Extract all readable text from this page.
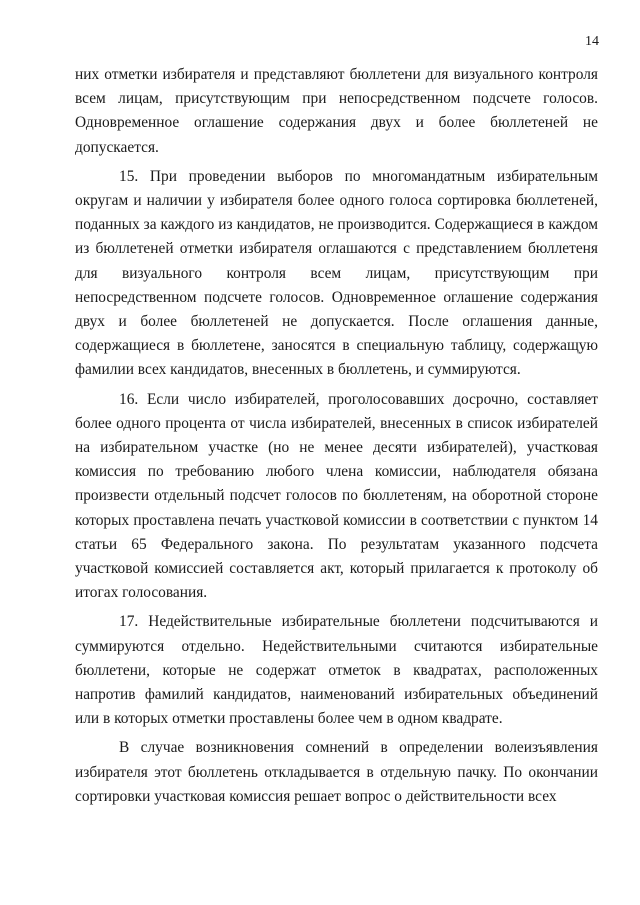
14

них отметки избирателя и представляют бюллетени для визуального контроля всем лицам, присутствующим при непосредственном подсчете голосов. Одновременное оглашение содержания двух и более бюллетеней не допускается.

15. При проведении выборов по многомандатным избирательным округам и наличии у избирателя более одного голоса сортировка бюллетеней, поданных за каждого из кандидатов, не производится. Содержащиеся в каждом из бюллетеней отметки избирателя оглашаются с представлением бюллетеня для визуального контроля всем лицам, присутствующим при непосредственном подсчете голосов. Одновременное оглашение содержания двух и более бюллетеней не допускается. После оглашения данные, содержащиеся в бюллетене, заносятся в специальную таблицу, содержащую фамилии всех кандидатов, внесенных в бюллетень, и суммируются.

16. Если число избирателей, проголосовавших досрочно, составляет более одного процента от числа избирателей, внесенных в список избирателей на избирательном участке (но не менее десяти избирателей), участковая комиссия по требованию любого члена комиссии, наблюдателя обязана произвести отдельный подсчет голосов по бюллетеням, на оборотной стороне которых проставлена печать участковой комиссии в соответствии с пунктом 14 статьи 65 Федерального закона. По результатам указанного подсчета участковой комиссией составляется акт, который прилагается к протоколу об итогах голосования.

17. Недействительные избирательные бюллетени подсчитываются и суммируются отдельно. Недействительными считаются избирательные бюллетени, которые не содержат отметок в квадратах, расположенных напротив фамилий кандидатов, наименований избирательных объединений или в которых отметки проставлены более чем в одном квадрате.

В случае возникновения сомнений в определении волеизъявления избирателя этот бюллетень откладывается в отдельную пачку. По окончании сортировки участковая комиссия решает вопрос о действительности всех
